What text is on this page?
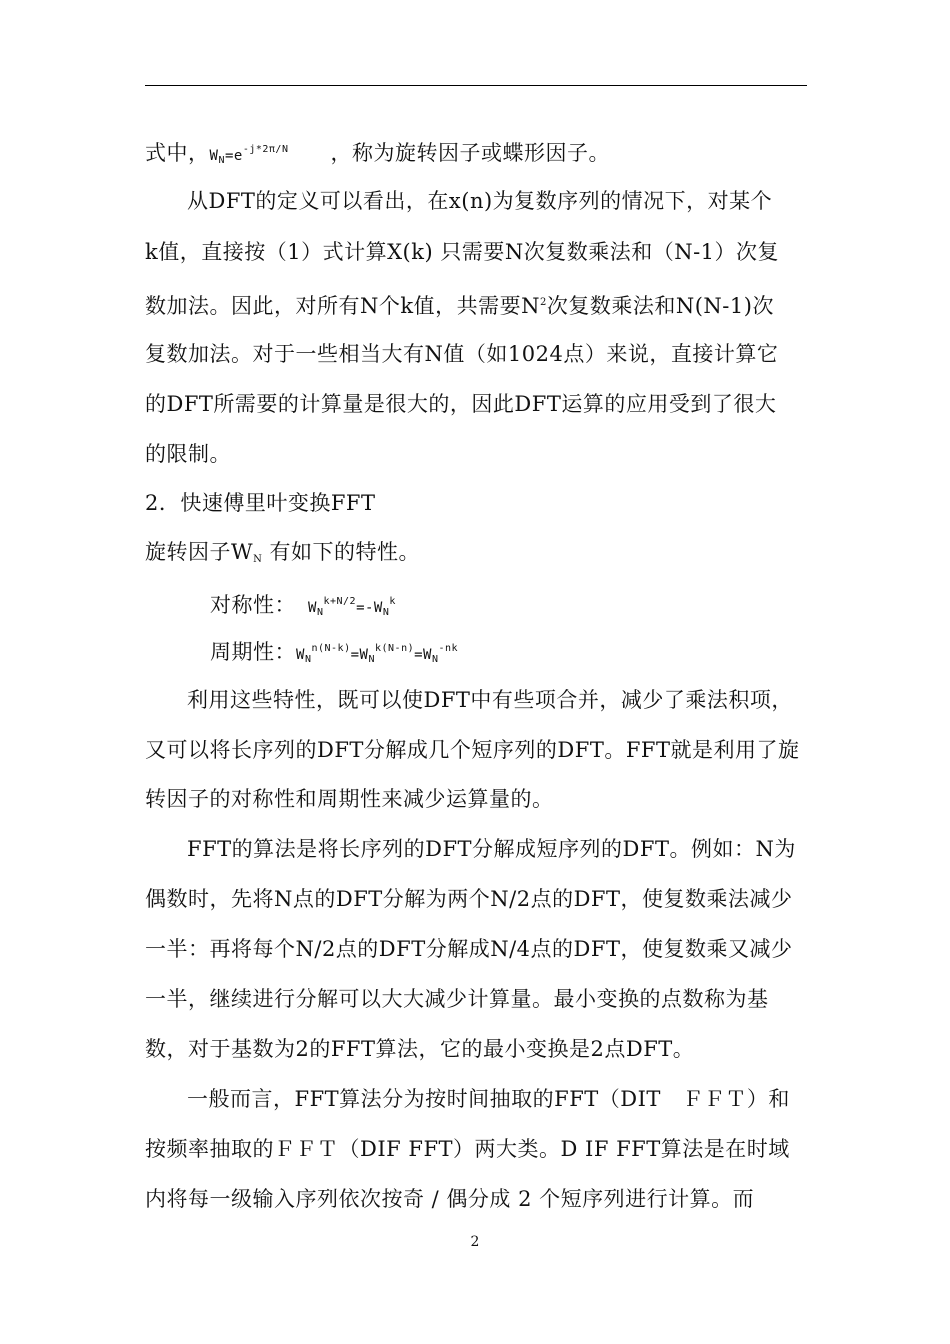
式中，$W_N=e^{-j*2\pi/N}$ ，称为旋转因子或蝶形因子。
从DFT的定义可以看出，在x(n)为复数序列的情况下，对某个
k值，直接按（1）式计算X(k) 只需要N次复数乘法和（N-1）次复
数加法。因此，对所有N个k值，共需要$N^2$次复数乘法和N(N-1)次
复数加法。对于一些相当大有N值（如1024点）来说，直接计算它
的DFT所需要的计算量是很大的，因此DFT运算的应用受到了很大
的限制。
2．快速傅里叶变换FFT
旋转因子$W_N$ 有如下的特性。
对称性： $W_N^{k+N/2}=-W_N^k$
周期性：$W_N^{n(N-k)}=W_N^{k(N-n)}=W_N^{-nk}$
利用这些特性，既可以使DFT中有些项合并，减少了乘法积项，
又可以将长序列的DFT分解成几个短序列的DFT。FFT就是利用了旋
转因子的对称性和周期性来减少运算量的。
FFT的算法是将长序列的DFT分解成短序列的DFT。例如：N为
偶数时，先将N点的DFT分解为两个N/2点的DFT，使复数乘法减少
一半：再将每个N/2点的DFT分解成N/4点的DFT，使复数乘又减少
一半，继续进行分解可以大大减少计算量。最小变换的点数称为基
数，对于基数为2的FFT算法，它的最小变换是2点DFT。
一般而言，FFT算法分为按时间抽取的FFT（DIT　ＦＦＴ）和
按频率抽取的ＦＦＴ（DIF FFT）两大类。D IF FFT算法是在时域
内将每一级输入序列依次按奇 / 偶分成 2 个短序列进行计算。而
2
